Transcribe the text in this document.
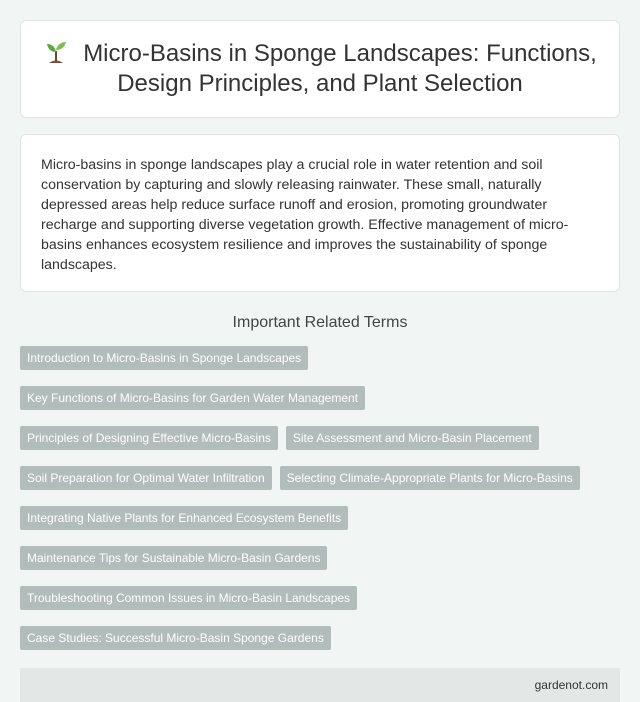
Micro-Basins in Sponge Landscapes: Functions, Design Principles, and Plant Selection

Micro-basins in sponge landscapes play a crucial role in water retention and soil conservation by capturing and slowly releasing rainwater. These small, naturally depressed areas help reduce surface runoff and erosion, promoting groundwater recharge and supporting diverse vegetation growth. Effective management of micro-basins enhances ecosystem resilience and improves the sustainability of sponge landscapes.

Important Related Terms
Introduction to Micro-Basins in Sponge Landscapes
Key Functions of Micro-Basins for Garden Water Management
Principles of Designing Effective Micro-Basins	Site Assessment and Micro-Basin Placement
Soil Preparation for Optimal Water Infiltration	Selecting Climate-Appropriate Plants for Micro-Basins
Integrating Native Plants for Enhanced Ecosystem Benefits
Maintenance Tips for Sustainable Micro-Basin Gardens
Troubleshooting Common Issues in Micro-Basin Landscapes
Case Studies: Successful Micro-Basin Sponge Gardens
gardenot.com
